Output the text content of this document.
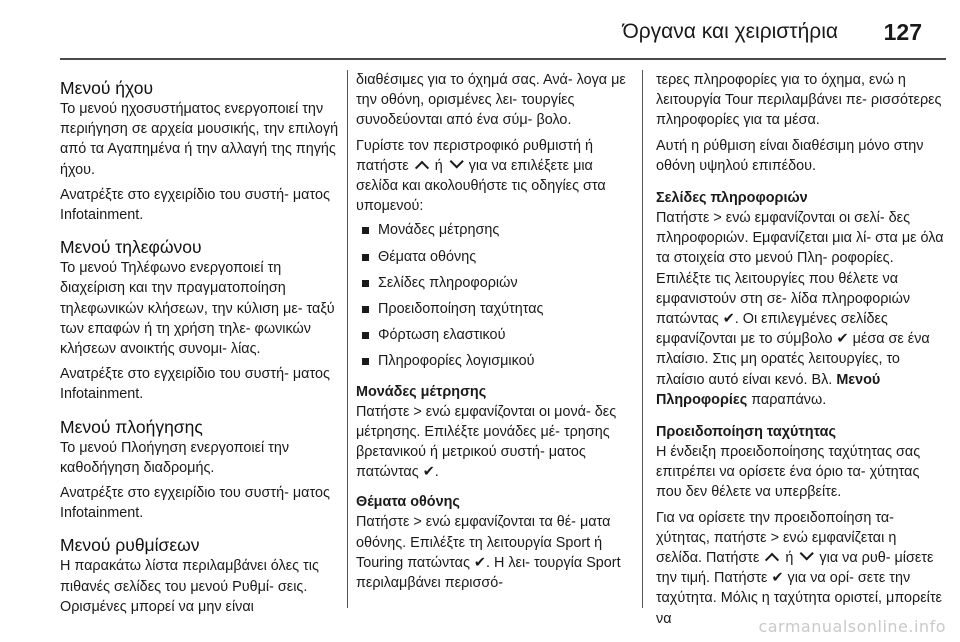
Όργανα και χειριστήρια 127
Μενού ήχου

Το μενού ηχοσυστήματος ενεργοποιεί την περιήγηση σε αρχεία μουσικής, την επιλογή από τα Αγαπημένα ή την αλλαγή της πηγής ήχου.

Ανατρέξτε στο εγχειρίδιο του συστή‐ ματος Infotainment.

Μενού τηλεφώνου

Το μενού Τηλέφωνο ενεργοποιεί τη διαχείριση και την πραγματοποίηση τηλεφωνικών κλήσεων, την κύλιση με‐ ταξύ των επαφών ή τη χρήση τηλε‐ φωνικών κλήσεων ανοικτής συνομι‐ λίας.

Ανατρέξτε στο εγχειρίδιο του συστή‐ ματος Infotainment.

Μενού πλοήγησης

Το μενού Πλοήγηση ενεργοποιεί την καθοδήγηση διαδρομής.

Ανατρέξτε στο εγχειρίδιο του συστή‐ ματος Infotainment.

Μενού ρυθμίσεων

Η παρακάτω λίστα περιλαμβάνει όλες τις πιθανές σελίδες του μενού Ρυθμί‐ σεις. Ορισμένες μπορεί να μην είναι

διαθέσιμες για το όχημά σας. Ανά‐ λογα με την οθόνη, ορισμένες λει‐ τουργίες συνοδεύονται από ένα σύμ‐ βολο.

Γυρίστε τον περιστροφικό ρυθμιστή ή πατήστε ή για να επιλέξετε μια σελίδα και ακολουθήστε τις οδηγίες στα υπομενού:

Μονάδες μέτρησης
Θέματα οθόνης
Σελίδες πληροφοριών
Προειδοποίηση ταχύτητας
Φόρτωση ελαστικού
Πληροφορίες λογισμικού
Μονάδες μέτρησης

Πατήστε > ενώ εμφανίζονται οι μονά‐ δες μέτρησης. Επιλέξτε μονάδες μέ‐ τρησης βρετανικού ή μετρικού συστή‐ ματος πατώντας ✔.

Θέματα οθόνης

Πατήστε > ενώ εμφανίζονται τα θέ‐ ματα οθόνης. Επιλέξτε τη λειτουργία Sport ή Touring πατώντας ✔. Η λει‐ τουργία Sport περιλαμβάνει περισσό‐

τερες πληροφορίες για το όχημα, ενώ η λειτουργία Tour περιλαμβάνει πε‐ ρισσότερες πληροφορίες για τα μέσα.

Αυτή η ρύθμιση είναι διαθέσιμη μόνο στην οθόνη υψηλού επιπέδου.

Σελίδες πληροφοριών

Πατήστε > ενώ εμφανίζονται οι σελί‐ δες πληροφοριών. Εμφανίζεται μια λί‐ στα με όλα τα στοιχεία στο μενού Πλη‐ ροφορίες. Επιλέξτε τις λειτουργίες που θέλετε να εμφανιστούν στη σε‐ λίδα πληροφοριών πατώντας ✔. Οι επιλεγμένες σελίδες εμφανίζονται με το σύμβολο ✔ μέσα σε ένα πλαίσιο. Στις μη ορατές λειτουργίες, το πλαίσιο αυτό είναι κενό. Βλ. Μενού Πληροφορίες παραπάνω.

Προειδοποίηση ταχύτητας

Η ένδειξη προειδοποίησης ταχύτητας σας επιτρέπει να ορίσετε ένα όριο τα‐ χύτητας που δεν θέλετε να υπερβείτε.

Για να ορίσετε την προειδοποίηση τα‐ χύτητας, πατήστε > ενώ εμφανίζεται η σελίδα. Πατήστε ή για να ρυθ‐ μίσετε την τιμή. Πατήστε ✔ για να ορί‐ σετε την ταχύτητα. Μόλις η ταχύτητα οριστεί, μπορείτε να	carmanualsonline.info
